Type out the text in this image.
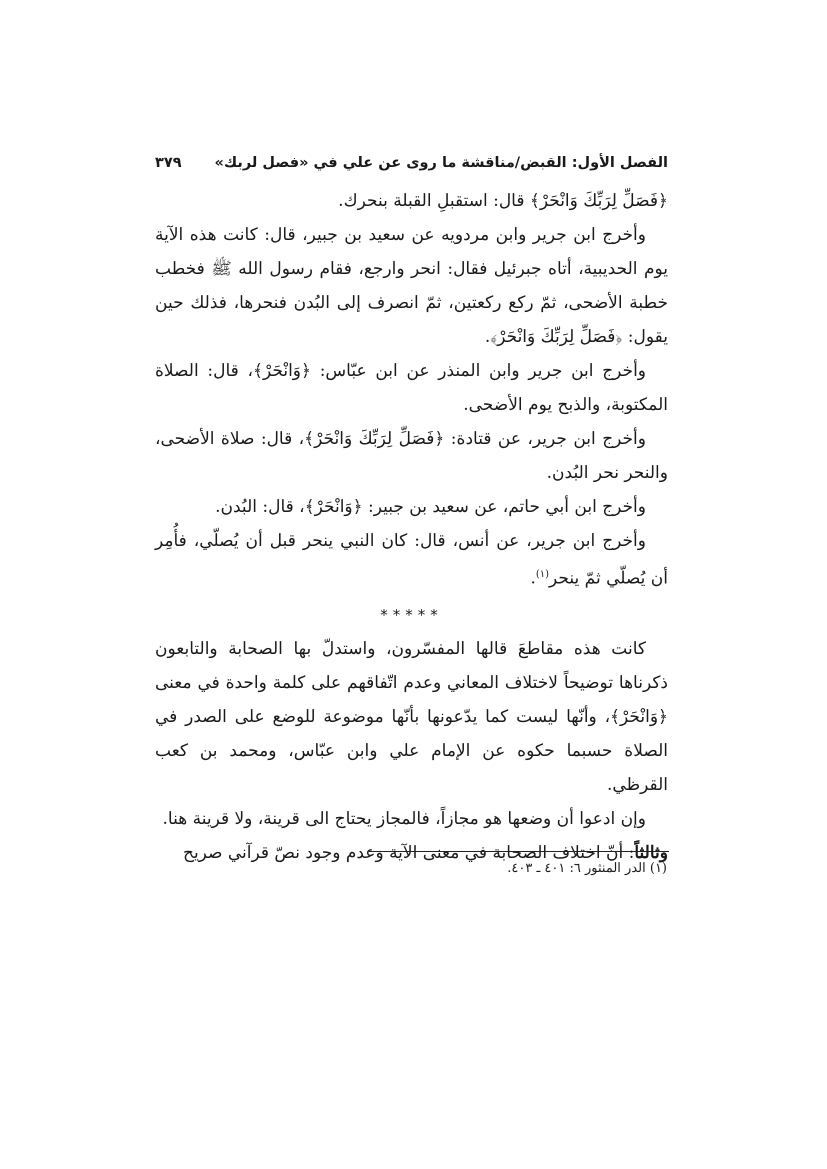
الفصل الأول: القبض/مناقشة ما روى عن علي في «فصل لربك»
٣٧٩

﴿فَصَلِّ لِرَبِّكَ وَانْحَرْ﴾ قال: استقبلِ القبلة بنحرك.

وأخرج ابن جرير وابن مردويه عن سعيد بن جبير، قال: كانت هذه الآية يوم الحديبية، أتاه جبرئيل فقال: انحر وارجع، فقام رسول الله ﷺ فخطب خطبة الأضحى، ثمّ ركع ركعتين، ثمّ انصرف إلى البُدن فنحرها، فذلك حين يقول: ﴿فَصَلِّ لِرَبِّكَ وَانْحَرْ﴾.

وأخرج ابن جرير وابن المنذر عن ابن عبّاس: ﴿وَانْحَرْ﴾، قال: الصلاة المكتوبة، والذبح يوم الأضحى.

وأخرج ابن جرير، عن قتادة: ﴿فَصَلِّ لِرَبِّكَ وَانْحَرْ﴾، قال: صلاة الأضحى، والنحر نحر البُدن.

وأخرج ابن أبي حاتم، عن سعيد بن جبير: ﴿وَانْحَرْ﴾، قال: البُدن.

وأخرج ابن جرير، عن أنس، قال: كان النبي ينحر قبل أن يُصلّي، فأُمِر أن يُصلّي ثمّ ينحر$^{(١)}$.

*****

كانت هذه مقاطعَ قالها المفسّرون، واستدلّ بها الصحابة والتابعون ذكرناها توضيحاً لاختلاف المعاني وعدم اتّفاقهم على كلمة واحدة في معنى ﴿وَانْحَرْ﴾، وأنّها ليست كما يدّعونها بأنّها موضوعة للوضع على الصدر في الصلاة حسبما حكوه عن الإمام علي وابن عبّاس، ومحمد بن كعب القرظي.

وإن ادعوا أن وضعها هو مجازاً، فالمجاز يحتاج الى قرينة، ولا قرينة هنا.

وثالثاً: أنّ اختلاف الصحابة في معنى الآية وعدم وجود نصّ قرآني صريح

(١) الدر المنثور ٦: ٤٠١ ـ ٤٠٣.
